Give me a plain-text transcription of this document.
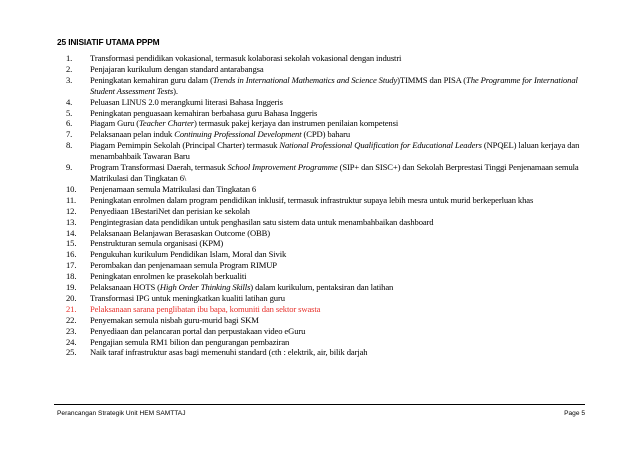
25 INISIATIF UTAMA PPPM
1. Transformasi pendidikan vokasional, termasuk kolaborasi sekolah vokasional dengan industri
2. Penjajaran kurikulum dengan standard antarabangsa
3. Peningkatan kemahiran guru dalam (Trends in International Mathematics and Science Study)TIMMS dan PISA (The Programme for International Student Assessment Tests).
4. Peluasan LINUS 2.0 merangkumi literasi Bahasa Inggeris
5. Peningkatan penguasaan kemahiran berbahasa guru Bahasa Inggeris
6. Piagam Guru (Teacher Charter) termasuk pakej kerjaya dan instrumen penilaian kompetensi
7. Pelaksanaan pelan induk Continuing Professional Development (CPD) baharu
8. Piagam Pemimpin Sekolah (Principal Charter) termasuk National Professional Qualification for Educational Leaders (NPQEL) laluan kerjaya dan menambahbaik Tawaran Baru
9. Program Transformasi Daerah, termasuk School Improvement Programme (SIP+ dan SISC+) dan Sekolah Berprestasi Tinggi Penjenamaan semula Matrikulasi dan Tingkatan 6\
10. Penjenamaan semula Matrikulasi dan Tingkatan 6
11. Peningkatan enrolmen dalam program pendidikan inklusif, termasuk infrastruktur supaya lebih mesra untuk murid berkeperluan khas
12. Penyediaan 1BestariNet dan perisian ke sekolah
13. Pengintegrasian data pendidikan untuk penghasilan satu sistem data untuk menambahbaikan dashboard
14. Pelaksanaan Belanjawan Berasaskan Outcome (OBB)
15. Penstrukturan semula organisasi (KPM)
16. Pengukuhan kurikulum Pendidikan Islam, Moral dan Sivik
17. Perombakan dan penjenamaan semula Program RIMUP
18. Peningkatan enrolmen ke prasekolah berkualiti
19. Pelaksanaan HOTS (High Order Thinking Skills) dalam kurikulum, pentaksiran dan latihan
20. Transformasi IPG untuk meningkatkan kualiti latihan guru
21. Pelaksanaan sarana penglibatan ibu bapa, komuniti dan sektor swasta
22. Penyemakan semula nisbah guru-murid bagi SKM
23. Penyediaan dan pelancaran portal dan perpustakaan video eGuru
24. Pengajian semula RM1 bilion dan pengurangan pembaziran
25. Naik taraf infrastruktur asas bagi memenuhi standard (cth : elektrik, air, bilik darjah
Perancangan Strategik Unit HEM SAMTTAJ	Page 5
